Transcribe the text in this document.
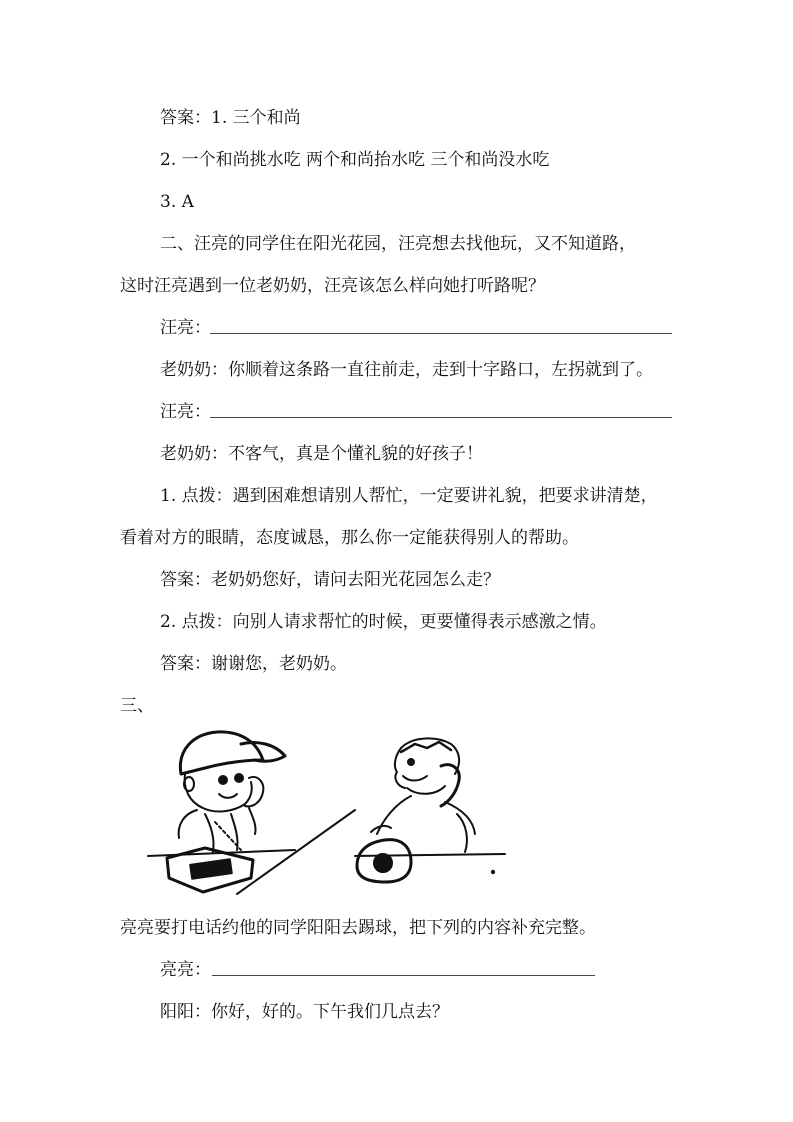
答案：1. 三个和尚
2. 一个和尚挑水吃 两个和尚抬水吃 三个和尚没水吃
3. A
二、汪亮的同学住在阳光花园，汪亮想去找他玩，又不知道路，
这时汪亮遇到一位老奶奶，汪亮该怎么样向她打听路呢？
汪亮：
老奶奶：你顺着这条路一直往前走，走到十字路口，左拐就到了。
汪亮：
老奶奶：不客气，真是个懂礼貌的好孩子！
1. 点拨：遇到困难想请别人帮忙，一定要讲礼貌，把要求讲清楚，
看着对方的眼睛，态度诚恳，那么你一定能获得别人的帮助。
答案：老奶奶您好，请问去阳光花园怎么走？
2. 点拨：向别人请求帮忙的时候，更要懂得表示感激之情。
答案：谢谢您，老奶奶。
三、
亮亮要打电话约他的同学阳阳去踢球，把下列的内容补充完整。
亮亮：
阳阳：你好，好的。下午我们几点去？
